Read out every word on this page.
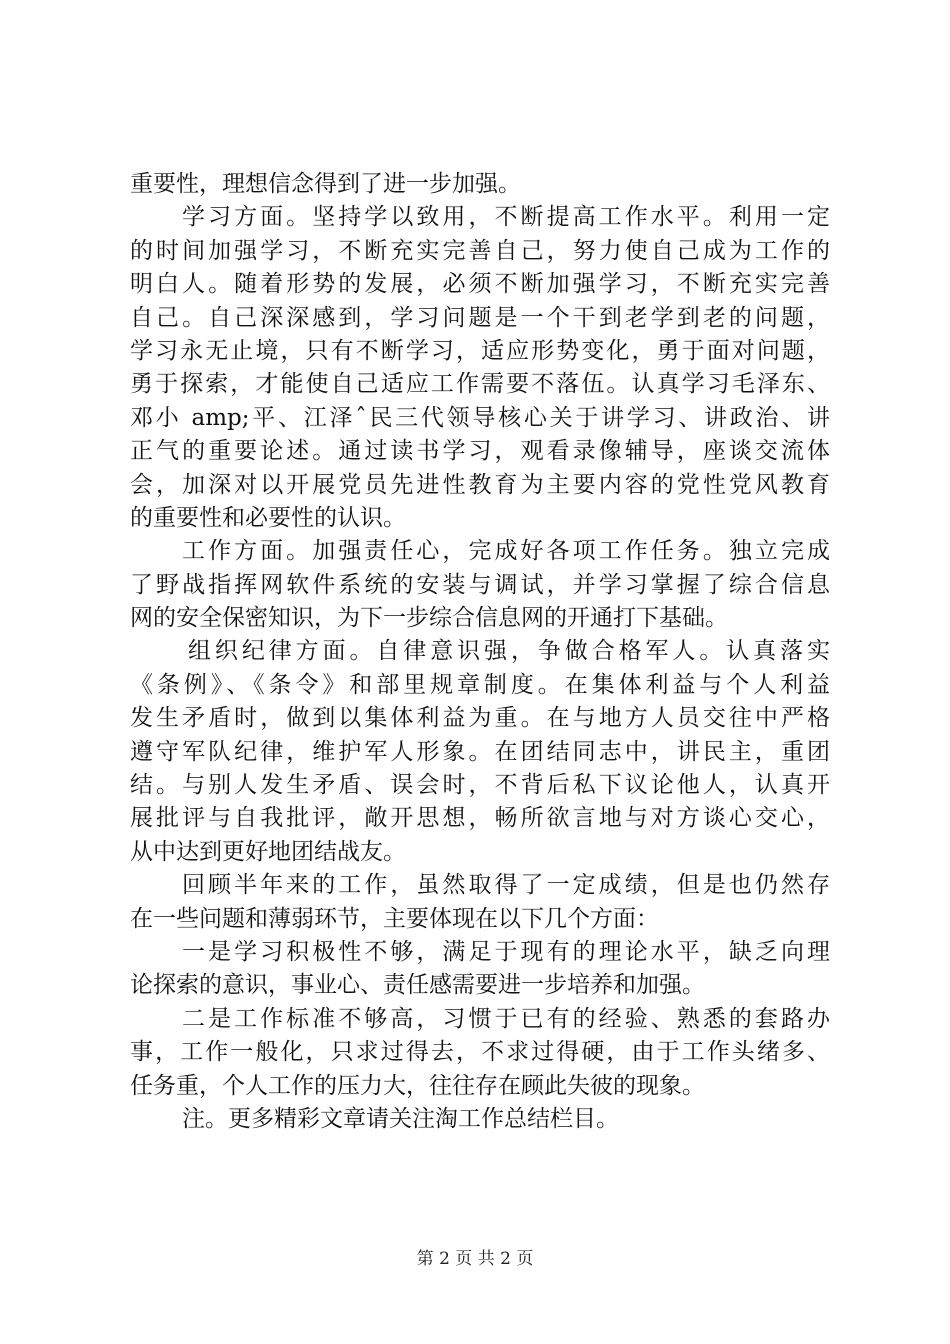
重要性，理想信念得到了进一步加强。
学习方面。坚持学以致用，不断提高工作水平。利用一定
的时间加强学习，不断充实完善自己，努力使自己成为工作的
明白人。随着形势的发展，必须不断加强学习，不断充实完善
自己。自己深深感到，学习问题是一个干到老学到老的问题，
学习永无止境，只有不断学习，适应形势变化，勇于面对问题，
勇于探索，才能使自己适应工作需要不落伍。认真学习毛泽东、
邓小 amp;平、江泽ˆ民三代领导核心关于讲学习、讲政治、讲
正气的重要论述。通过读书学习，观看录像辅导，座谈交流体
会，加深对以开展党员先进性教育为主要内容的党性党风教育
的重要性和必要性的认识。
工作方面。加强责任心，完成好各项工作任务。独立完成
了野战指挥网软件系统的安装与调试，并学习掌握了综合信息
网的安全保密知识，为下一步综合信息网的开通打下基础。
组织纪律方面。自律意识强，争做合格军人。认真落实
《条例》、《条令》和部里规章制度。在集体利益与个人利益
发生矛盾时，做到以集体利益为重。在与地方人员交往中严格
遵守军队纪律，维护军人形象。在团结同志中，讲民主，重团
结。与别人发生矛盾、误会时，不背后私下议论他人，认真开
展批评与自我批评，敞开思想，畅所欲言地与对方谈心交心，
从中达到更好地团结战友。
回顾半年来的工作，虽然取得了一定成绩，但是也仍然存
在一些问题和薄弱环节，主要体现在以下几个方面：
一是学习积极性不够，满足于现有的理论水平，缺乏向理
论探索的意识，事业心、责任感需要进一步培养和加强。
二是工作标准不够高，习惯于已有的经验、熟悉的套路办
事，工作一般化，只求过得去，不求过得硬，由于工作头绪多、
任务重，个人工作的压力大，往往存在顾此失彼的现象。
注。更多精彩文章请关注淘工作总结栏目。
第 2 页 共 2 页
